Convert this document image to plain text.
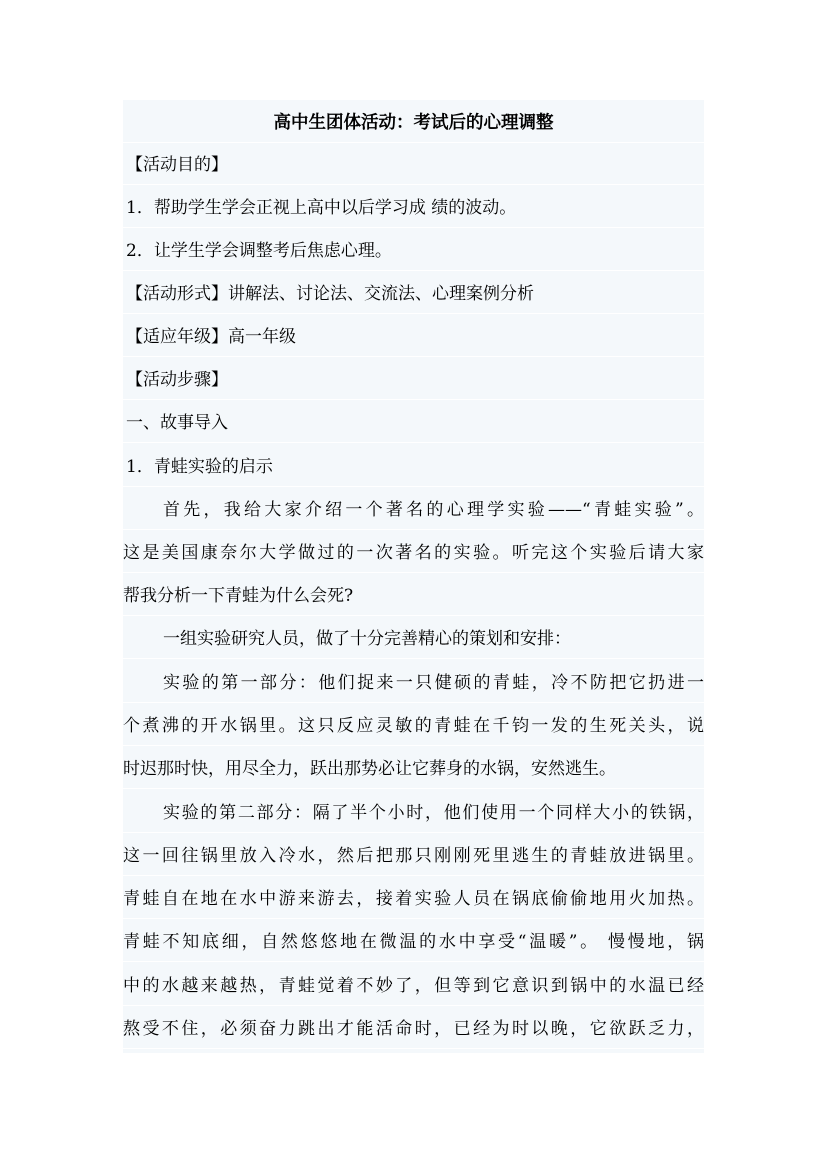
高中生团体活动：考试后的心理调整
【活动目的】
1．帮助学生学会正视上高中以后学习成 绩的波动。
2．让学生学会调整考后焦虑心理。
【活动形式】讲解法、讨论法、交流法、心理案例分析
【适应年级】高一年级
【活动步骤】
一、故事导入
1．青蛙实验的启示
首先，我给大家介绍一个著名的心理学实验——“青蛙实验”。
这是美国康奈尔大学做过的一次著名的实验。听完这个实验后请大家
帮我分析一下青蛙为什么会死?
一组实验研究人员，做了十分完善精心的策划和安排：
实验的第一部分：他们捉来一只健硕的青蛙，冷不防把它扔进一
个煮沸的开水锅里。这只反应灵敏的青蛙在千钧一发的生死关头，说
时迟那时快，用尽全力，跃出那势必让它葬身的水锅，安然逃生。
实验的第二部分：隔了半个小时，他们使用一个同样大小的铁锅，
这一回往锅里放入冷水，然后把那只刚刚死里逃生的青蛙放进锅里。
青蛙自在地在水中游来游去，接着实验人员在锅底偷偷地用火加热。
青蛙不知底细，自然悠悠地在微温的水中享受“温暖”。 慢慢地，锅
中的水越来越热，青蛙觉着不妙了，但等到它意识到锅中的水温已经
熬受不住，必须奋力跳出才能活命时，已经为时以晚，它欲跃乏力，
